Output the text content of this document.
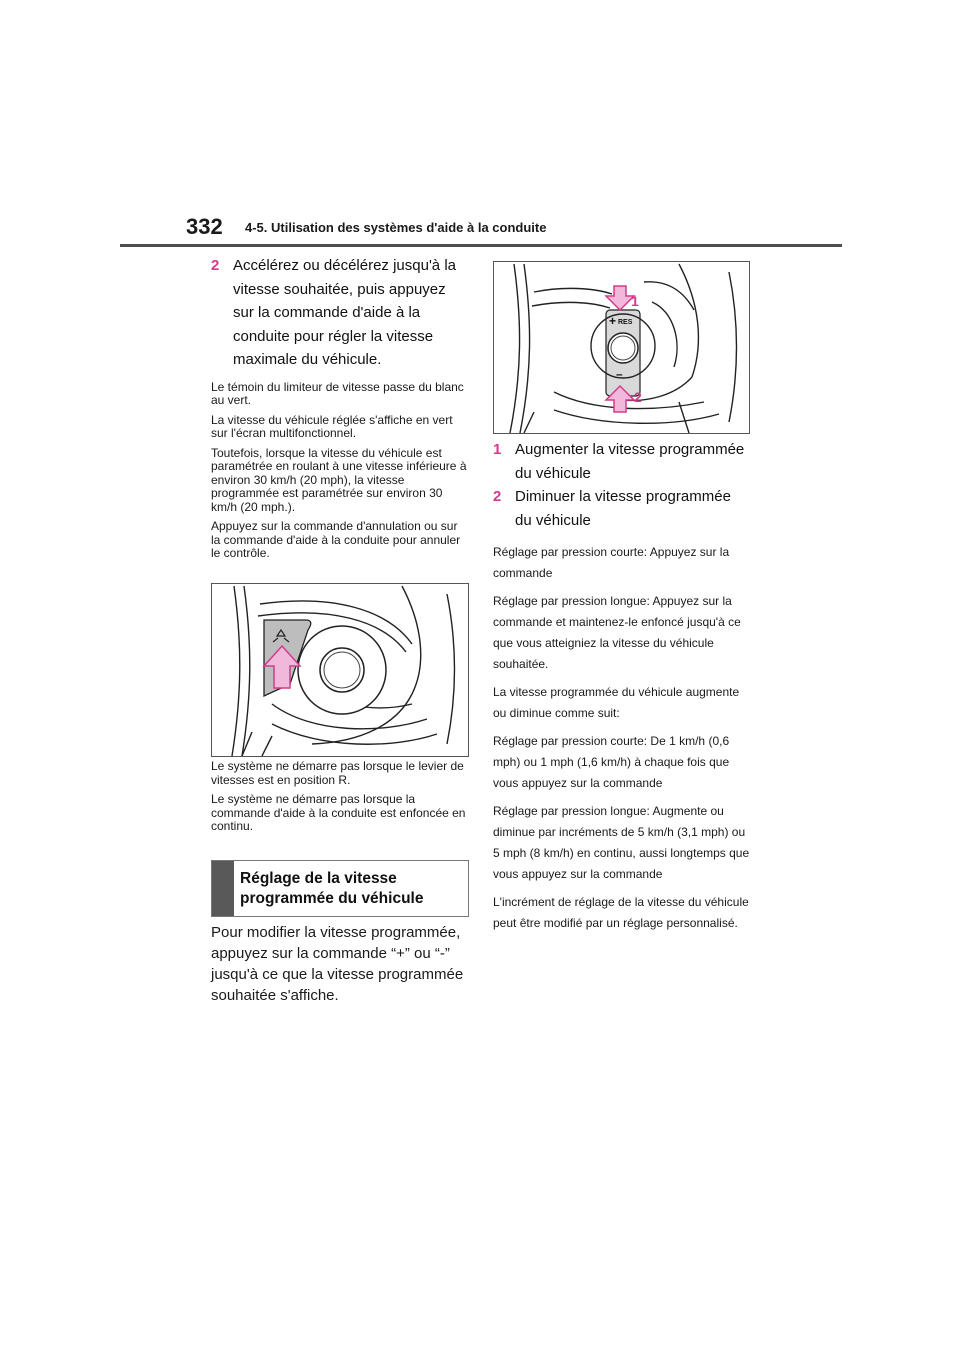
332 4-5. Utilisation des systèmes d'aide à la conduite
2 Accélérez ou décélérez jusqu'à la vitesse souhaitée, puis appuyez sur la commande d'aide à la conduite pour régler la vitesse maximale du véhicule.

Le témoin du limiteur de vitesse passe du blanc au vert.

La vitesse du véhicule réglée s'affiche en vert sur l'écran multifonctionnel.

Toutefois, lorsque la vitesse du véhicule est paramétrée en roulant à une vitesse inférieure à environ 30 km/h (20 mph), la vitesse programmée est paramétrée sur environ 30 km/h (20 mph.).

Appuyez sur la commande d'annulation ou sur la commande d'aide à la conduite pour annuler le contrôle.

Le système ne démarre pas lorsque le levier de vitesses est en position R.

Le système ne démarre pas lorsque la commande d'aide à la conduite est enfoncée en continu.

Réglage de la vitesse programmée du véhicule

Pour modifier la vitesse programmée, appuyez sur la commande “+” ou “-” jusqu'à ce que la vitesse programmée souhaitée s'affiche.

+ RES
–
1
2
1 Augmenter la vitesse programmée du véhicule
2 Diminuer la vitesse programmée du véhicule

Réglage par pression courte: Appuyez sur la commande

Réglage par pression longue: Appuyez sur la commande et maintenez-le enfoncé jusqu'à ce que vous atteigniez la vitesse du véhicule souhaitée.

La vitesse programmée du véhicule augmente ou diminue comme suit:

Réglage par pression courte: De 1 km/h (0,6 mph) ou 1 mph (1,6 km/h) à chaque fois que vous appuyez sur la commande

Réglage par pression longue: Augmente ou diminue par incréments de 5 km/h (3,1 mph) ou 5 mph (8 km/h) en continu, aussi longtemps que vous appuyez sur la commande

L'incrément de réglage de la vitesse du véhicule peut être modifié par un réglage personnalisé.
